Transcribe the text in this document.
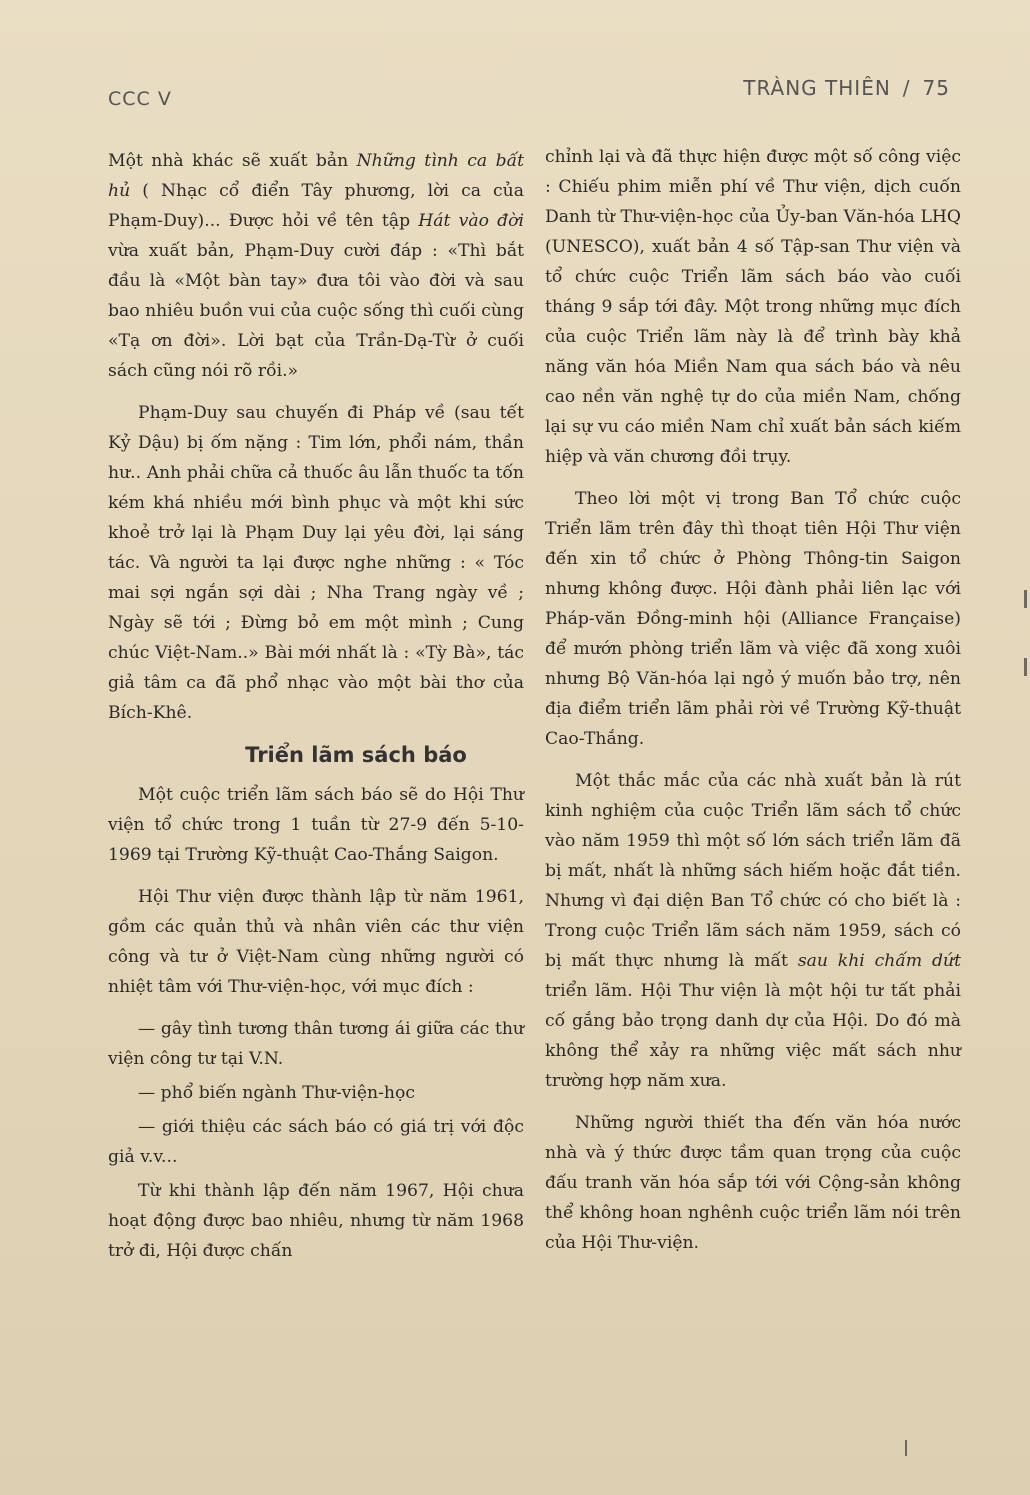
CCC V	TRÀNG THIÊN / 75

Một nhà khác sẽ xuất bản Những tình ca bất hủ ( Nhạc cổ điển Tây phương, lời ca của Phạm-Duy)... Được hỏi về tên tập Hát vào đời vừa xuất bản, Phạm-Duy cười đáp : «Thì bắt đầu là «Một bàn tay» đưa tôi vào đời và sau bao nhiêu buồn vui của cuộc sống thì cuối cùng «Tạ ơn đời». Lời bạt của Trần-Dạ-Từ ở cuối sách cũng nói rõ rồi.»

Phạm-Duy sau chuyến đi Pháp về (sau tết Kỷ Dậu) bị ốm nặng : Tim lớn, phổi nám, thần hư.. Anh phải chữa cả thuốc âu lẫn thuốc ta tốn kém khá nhiều mới bình phục và một khi sức khoẻ trở lại là Phạm Duy lại yêu đời, lại sáng tác. Và người ta lại được nghe những : « Tóc mai sợi ngắn sợi dài ; Nha Trang ngày về ; Ngày sẽ tới ; Đừng bỏ em một mình ; Cung chúc Việt-Nam..» Bài mới nhất là : «Tỳ Bà», tác giả tâm ca đã phổ nhạc vào một bài thơ của Bích-Khê.

Triển lãm sách báo

Một cuộc triển lãm sách báo sẽ do Hội Thư viện tổ chức trong 1 tuần từ 27-9 đến 5-10-1969 tại Trường Kỹ-thuật Cao-Thắng Saigon.

Hội Thư viện được thành lập từ năm 1961, gồm các quản thủ và nhân viên các thư viện công và tư ở Việt-Nam cùng những người có nhiệt tâm với Thư-viện-học, với mục đích :

— gây tình tương thân tương ái giữa các thư viện công tư tại V.N.

— phổ biến ngành Thư-viện-học

— giới thiệu các sách báo có giá trị với độc giả v.v...

Từ khi thành lập đến năm 1967, Hội chưa hoạt động được bao nhiêu, nhưng từ năm 1968 trở đi, Hội được chấn

chỉnh lại và đã thực hiện được một số công việc : Chiếu phim miễn phí về Thư viện, dịch cuốn Danh từ Thư-viện-học của Ủy-ban Văn-hóa LHQ (UNESCO), xuất bản 4 số Tập-san Thư viện và tổ chức cuộc Triển lãm sách báo vào cuối tháng 9 sắp tới đây. Một trong những mục đích của cuộc Triển lãm này là để trình bày khả năng văn hóa Miền Nam qua sách báo và nêu cao nền văn nghệ tự do của miền Nam, chống lại sự vu cáo miền Nam chỉ xuất bản sách kiếm hiệp và văn chương đồi trụy.

Theo lời một vị trong Ban Tổ chức cuộc Triển lãm trên đây thì thoạt tiên Hội Thư viện đến xin tổ chức ở Phòng Thông-tin Saigon nhưng không được. Hội đành phải liên lạc với Pháp-văn Đồng-minh hội (Alliance Française) để mướn phòng triển lãm và việc đã xong xuôi nhưng Bộ Văn-hóa lại ngỏ ý muốn bảo trợ, nên địa điểm triển lãm phải rời về Trường Kỹ-thuật Cao-Thắng.

Một thắc mắc của các nhà xuất bản là rút kinh nghiệm của cuộc Triển lãm sách tổ chức vào năm 1959 thì một số lớn sách triển lãm đã bị mất, nhất là những sách hiếm hoặc đắt tiền. Nhưng vì đại diện Ban Tổ chức có cho biết là : Trong cuộc Triển lãm sách năm 1959, sách có bị mất thực nhưng là mất sau khi chấm dứt triển lãm. Hội Thư viện là một hội tư tất phải cố gắng bảo trọng danh dự của Hội. Do đó mà không thể xảy ra những việc mất sách như trường hợp năm xưa.

Những người thiết tha đến văn hóa nước nhà và ý thức được tầm quan trọng của cuộc đấu tranh văn hóa sắp tới với Cộng-sản không thể không hoan nghênh cuộc triển lãm nói trên của Hội Thư-viện.
